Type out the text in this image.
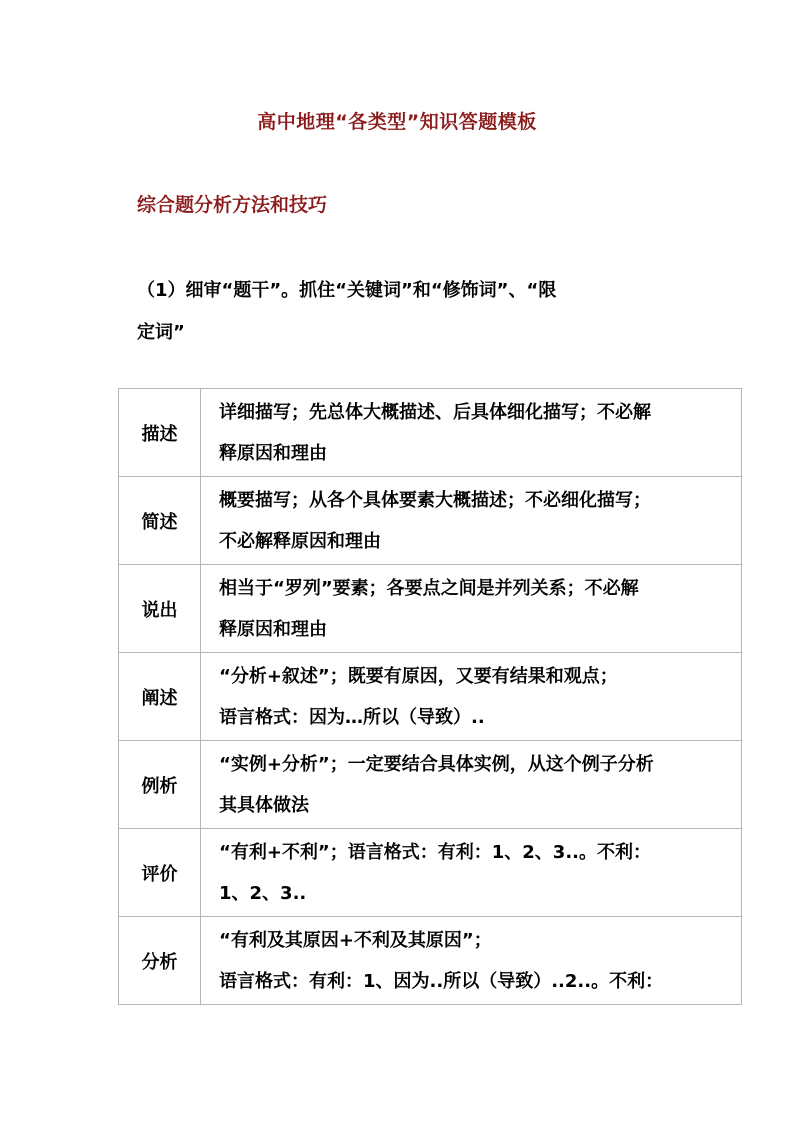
高中地理“各类型”知识答题模板
综合题分析方法和技巧
（1）细审“题干”。抓住“关键词”和“修饰词”、“限
定词”
描述	详细描写；先总体大概描述、后具体细化描写；不必解
释原因和理由

简述	概要描写；从各个具体要素大概描述；不必细化描写；
不必解释原因和理由

说出	相当于“罗列”要素；各要点之间是并列关系；不必解
释原因和理由

阐述	“分析+叙述”；既要有原因，又要有结果和观点；
语言格式：因为…所以（导致）..

例析	“实例+分析”；一定要结合具体实例，从这个例子分析
其具体做法

评价	“有利+不利”；语言格式：有利：1、2、3..。不利：
1、2、3..

分析	“有利及其原因+不利及其原因”；
语言格式：有利：1、因为..所以（导致）..2..。不利：
